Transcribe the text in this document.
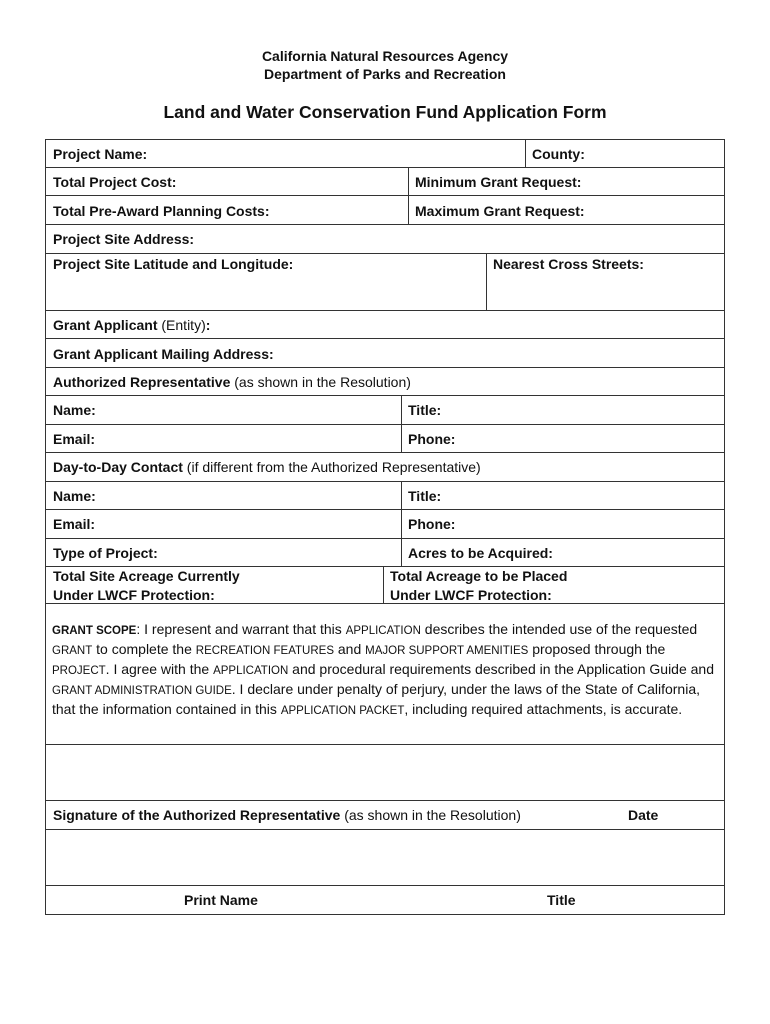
California Natural Resources Agency
Department of Parks and Recreation
Land and Water Conservation Fund Application Form
Project Name:	County:
Total Project Cost:	Minimum Grant Request:
Total Pre-Award Planning Costs:	Maximum Grant Request:
Project Site Address:
Project Site Latitude and Longitude:	Nearest Cross Streets:
Grant Applicant (Entity):
Grant Applicant Mailing Address:
Authorized Representative (as shown in the Resolution)
Name:	Title:
Email:	Phone:
Day-to-Day Contact (if different from the Authorized Representative)
Name:	Title:
Email:	Phone:
Type of Project:	Acres to be Acquired:
Total Site Acreage Currently
Under LWCF Protection:
Total Acreage to be Placed
Under LWCF Protection:
GRANT SCOPE: I represent and warrant that this APPLICATION describes the intended use of the requested GRANT to complete the RECREATION FEATURES and MAJOR SUPPORT AMENITIES proposed through the PROJECT. I agree with the APPLICATION and procedural requirements described in the Application Guide and GRANT ADMINISTRATION GUIDE. I declare under penalty of perjury, under the laws of the State of California, that the information contained in this APPLICATION PACKET, including required attachments, is accurate.
Signature of the Authorized Representative (as shown in the Resolution)	Date
Print Name	Title
